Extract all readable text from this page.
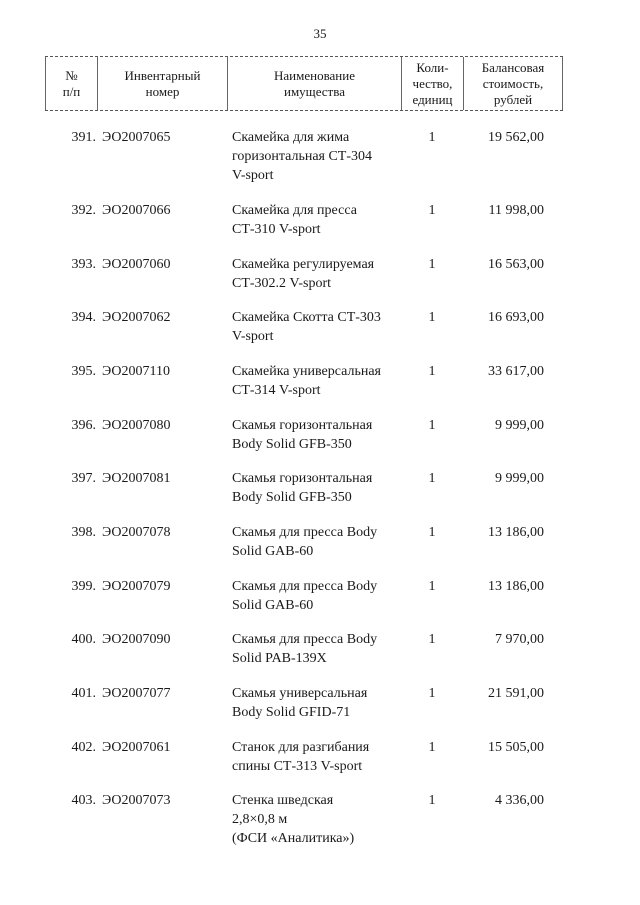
35
№
п/п
Инвентарный
номер
Наименование
имущества
Коли-
чество,
единиц
Балансовая
стоимость,
рублей
391. ЭО2007065	Скамейка для жима
горизонтальная СТ-304
V-sport
1	19 562,00
392. ЭО2007066	Скамейка для пресса
СТ-310 V-sport
1	11 998,00
393. ЭО2007060	Скамейка регулируемая
СТ-302.2 V-sport
1	16 563,00
394. ЭО2007062	Скамейка Скотта СТ-303
V-sport
1	16 693,00
395. ЭО2007110	Скамейка универсальная
СТ-314 V-sport
1	33 617,00
396. ЭО2007080	Скамья горизонтальная
Body Solid GFB-350
1	9 999,00
397. ЭО2007081	Скамья горизонтальная
Body Solid GFB-350
1	9 999,00
398. ЭО2007078	Скамья для пресса Body
Solid GAB-60
1	13 186,00
399. ЭО2007079	Скамья для пресса Body
Solid GAB-60
1	13 186,00
400. ЭО2007090	Скамья для пресса Body
Solid PAB-139X
1	7 970,00
401. ЭО2007077	Скамья универсальная
Body Solid GFID-71
1	21 591,00
402. ЭО2007061	Станок для разгибания
спины СТ-313 V-sport
1	15 505,00
403. ЭО2007073	Стенка шведская
2,8×0,8 м
(ФСИ «Аналитика»)
1	4 336,00
